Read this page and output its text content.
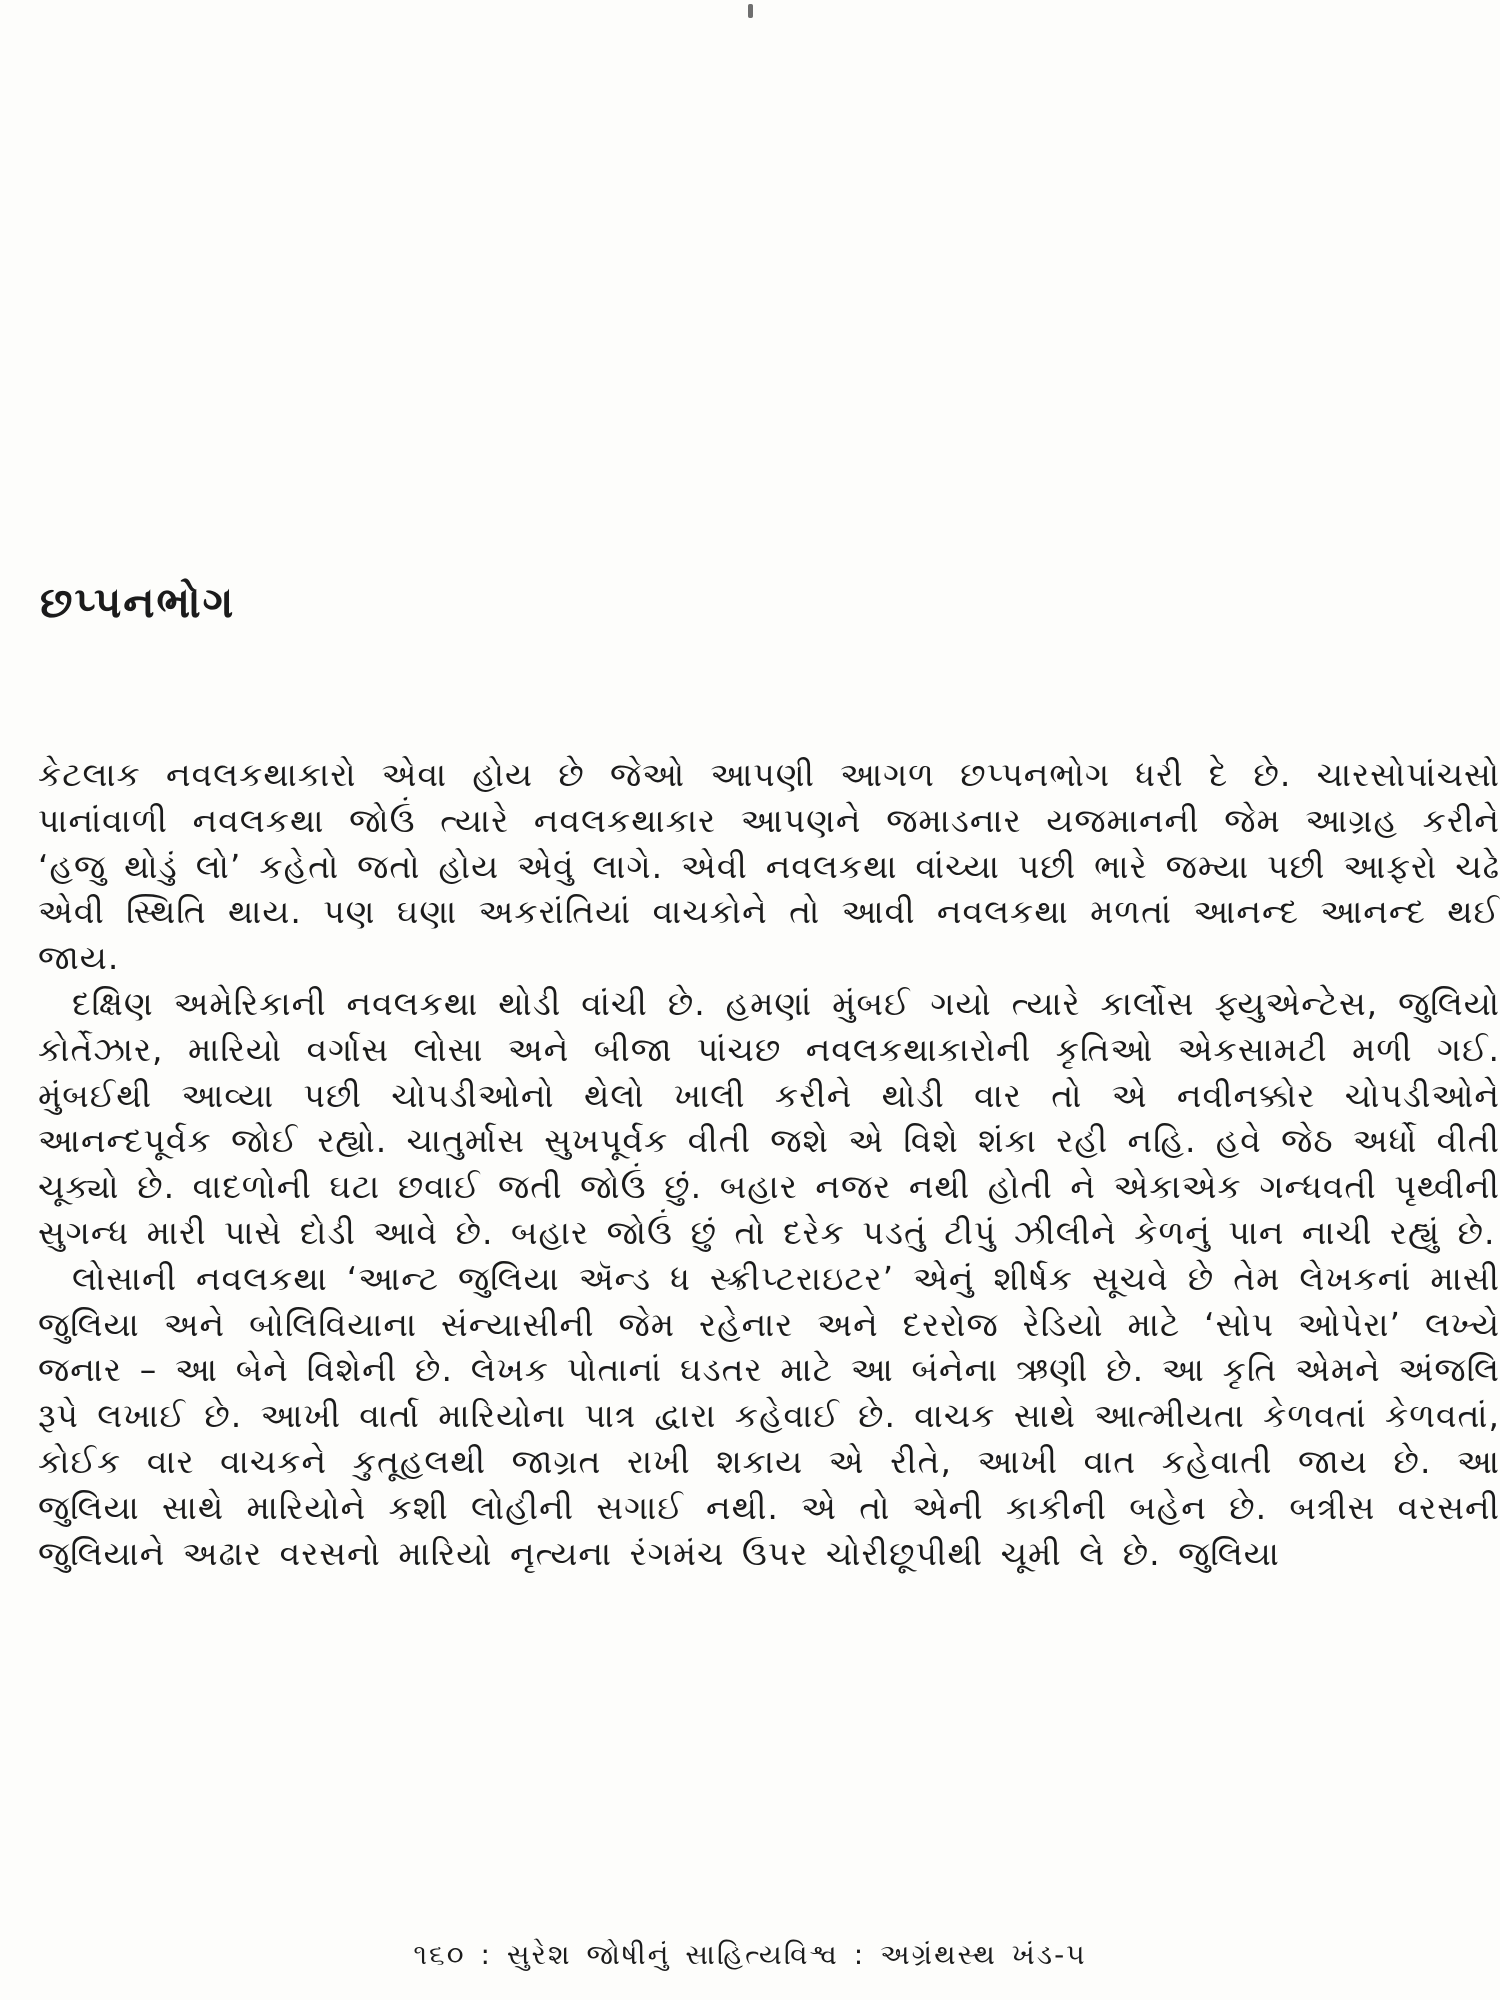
છપ્પનભોગ

કેટલાક નવલકથાકારો એવા હોય છે જેઓ આપણી આગળ છપ્પનભોગ ધરી દે છે. ચારસોપાંચસો પાનાંવાળી નવલકથા જોઉં ત્યારે નવલકથાકાર આપણને જમાડનાર યજમાનની જેમ આગ્રહ કરીને ‘હજુ થોડું લો’ કહેતો જતો હોય એવું લાગે. એવી નવલકથા વાંચ્યા પછી ભારે જમ્યા પછી આફરો ચઢે એવી સ્થિતિ થાય. પણ ઘણા અકરાંતિયાં વાચકોને તો આવી નવલકથા મળતાં આનન્દ આનન્દ થઈ જાય.

દક્ષિણ અમેરિકાની નવલકથા થોડી વાંચી છે. હમણાં મુંબઈ ગયો ત્યારે કાર્લોસ ફ્યુએન્ટેસ, જુલિયો કોર્તેઝાર, મારિયો વર્ગાસ લોસા અને બીજા પાંચછ નવલકથાકારોની કૃતિઓ એકસામટી મળી ગઈ. મુંબઈથી આવ્યા પછી ચોપડીઓનો થેલો ખાલી કરીને થોડી વાર તો એ નવીનક્કોર ચોપડીઓને આનન્દપૂર્વક જોઈ રહ્યો. ચાતુર્માસ સુખપૂર્વક વીતી જશે એ વિશે શંકા રહી નહિ. હવે જેઠ અર્ધો વીતી ચૂક્યો છે. વાદળોની ઘટા છવાઈ જતી જોઉં છું. બહાર નજર નથી હોતી ને એકાએક ગન્ધવતી પૃથ્વીની સુગન્ધ મારી પાસે દોડી આવે છે. બહાર જોઉં છું તો દરેક પડતું ટીપું ઝીલીને કેળનું પાન નાચી રહ્યું છે.

લોસાની નવલકથા ‘આન્ટ જુલિયા ઍન્ડ ધ સ્ક્રીપ્ટરાઇટર’ એનું શીર્ષક સૂચવે છે તેમ લેખકનાં માસી જુલિયા અને બોલિવિયાના સંન્યાસીની જેમ રહેનાર અને દરરોજ રેડિયો માટે ‘સોપ ઓપેરા’ લખ્યે જનાર – આ બેને વિશેની છે. લેખક પોતાનાં ઘડતર માટે આ બંનેના ઋણી છે. આ કૃતિ એમને અંજલિ રૂપે લખાઈ છે. આખી વાર્તા મારિયોના પાત્ર દ્વારા કહેવાઈ છે. વાચક સાથે આત્મીયતા કેળવતાં કેળવતાં, કોઈક વાર વાચકને કુતૂહલથી જાગ્રત રાખી શકાય એ રીતે, આખી વાત કહેવાતી જાય છે. આ જુલિયા સાથે મારિયોને કશી લોહીની સગાઈ નથી. એ તો એની કાકીની બહેન છે. બત્રીસ વરસની જુલિયાને અઢાર વરસનો મારિયો નૃત્યના રંગમંચ ઉપર ચોરીછૂપીથી ચૂમી લે છે. જુલિયા

૧૬૦ : સુરેશ જોષીનું સાહિત્યવિશ્વ : અગ્રંથસ્થ ખંડ-૫
